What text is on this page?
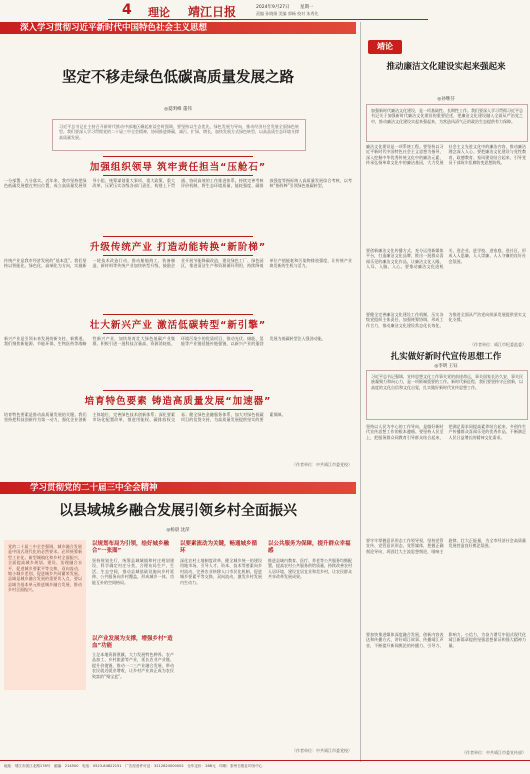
4 理论 靖江日报	2024年9月27日 星期一
责编 孙晓娟 美编 郭畅 校对 朱秀先
深入学习贯彻习近平新时代中国特色社会主义思想
坚定不移走绿色低碳高质量发展之路
◎夏明峰 董伟
习近平总书记在主持召开新时代推动中部地区崛起座谈会时强调，要坚持以生态优先、绿色发展为导向，推动经济社会发展全面绿色转型。我们要深入学习贯彻党的二十届三中全会精神，协同推进降碳、减污、扩绿、增长，加快发展方式绿色转型，以高品质生态环境支撑高质量发展。
加强组织领导 筑牢责任担当“压舱石”
一分部署，九分落实。近年来，我市坚持把绿色低碳发展摆在突出位置，成立高质量发展领导小组，统筹谋划重大事项、重大政策、重大改革，压紧压实各级各部门责任，构建上下贯通、协同高效的工作推进体系。持续完善考核评价机制，将生态环境质量、能耗强度、碳排放强度等指标纳入高质量发展综合考核，以考核“指挥棒”引领绿色低碳转型。
升级传统产业 打造动能转换“新阶梯”
传统产业是我市经济发展的“基本盘”。我们坚持以智能化、绿色化、高端化为方向，实施新一轮技术改造行动，推动船舶海工、装备制造、新材料等传统产业加快转型升级，鼓励企业开展节能降碳改造，建设绿色工厂、绿色园区，推进清洁生产和资源循环利用，持续降低单位产值能耗和污染物排放强度，让传统产业焕发新的生机与活力。
壮大新兴产业 激活低碳转型“新引擎”
新兴产业是引领未来发展的新支柱、新赛道。我们聚焦新能源、节能环保、生物医药等战略性新兴产业，加快培育壮大绿色低碳产业集群，积极引进一批科技含量高、资源消耗低、环境污染少的优质项目，推动光伏、储能、氢能等产业链延链补链强链，以新兴产业的蓬勃发展为低碳转型注入强劲动能。
培育特色要素 铸造高质量发展“加速器”
培育特色要素是推动高质量发展的关键。我们坚持把科技创新作为第一动力，强化企业创新主体地位，完善绿色技术创新体系；深化要素市场化配置改革，推进用能权、碳排放权交易；健全绿色金融服务体系，加大对绿色低碳项目的信贷支持，为高质量发展提供坚实的要素保障。
（作者单位：中共靖江市委党校）
学习贯彻党的二十届三中全会精神
以县域城乡融合发展引领乡村全面振兴
◎杨晨 沈萍
党的二十届三中全会强调，城乡融合发展是中国式现代化的必然要求。必须统筹新型工业化、新型城镇化和乡村全面振兴，全面提高城乡规划、建设、治理融合水平，促进城乡要素平等交换、双向流动，缩小城乡差别，促进城乡共同繁荣发展。县域是城乡融合发展的重要切入点，要以县域为基本单元推进城乡融合发展，推动乡村全面振兴。
以规划布局为引领，绘好城乡融合“一张图”
坚持规划先行，统筹县域城镇和村庄规划建设，科学确定村庄分类，合理布局生产、生活、生态空间，推动县域基础设施向乡村延伸、公共服务向乡村覆盖，形成城乡一体、功能互补的空间格局。
以产业发展为支撑，增强乡村“造血”功能
立足本地资源禀赋，大力发展特色种养、农产品加工、乡村旅游等产业，延长农业产业链、提升价值链，推动一二三产业融合发展，带动农民就近就业增收，让乡村产业真正成为农民致富的“聚宝盆”。
以要素流动为关键，畅通城乡循环
深化农村土地制度改革，健全城乡统一的建设用地市场，引导人才、资本、技术等要素向乡村流动，完善农业转移人口市民化机制，促进城乡要素平等交换、双向流动，激发乡村发展内生动力。
以公共服务为保障，提升群众幸福感
推进县域内教育、医疗、养老等公共服务均衡配置，提高农村公共服务供给质量，持续改善农村人居环境，建设宜居宜业和美乡村，让农民群众共享改革发展成果。
（作者单位：中共靖江市委党校）
靖论
推动廉洁文化建设实起来强起来
◎孙继芬
加强新时代廉洁文化建设，是一项基础性、长期性工作。我们要深入学习贯彻习近平总书记关于加强新时代廉洁文化建设的重要论述，把廉洁文化建设融入全面从严治党之中，推动廉洁文化建设实起来强起来，为营造风清气正的政治生态提供有力保障。
廉洁文化建设是一项系统工程。要坚持以习近平新时代中国特色社会主义思想为指导，深入挖掘中华优秀传统文化中的廉洁元素，传承弘扬革命文化中的廉洁基因，大力发展社会主义先进文化中的廉洁内容，推动廉洁理念深入人心。要把廉洁文化建设与党性教育、政德教育、家风建设结合起来，引导党员干部筑牢拒腐防变思想防线。
要创新廉洁文化传播方式，充分运用新媒体平台，打造廉洁文化品牌，推出一批群众喜闻乐见的廉洁文化作品，让廉洁文化入眼、入耳、入脑、入心。要推动廉洁文化进机关、进企业、进学校、进家庭、进社区，形成人人思廉、人人崇廉、人人守廉的良好社会氛围。
要健全完善廉洁文化建设工作机制，压实各级党组织主体责任，加强统筹协调，形成工作合力，推动廉洁文化建设常态化长效化，为推进全面从严治党向纵深发展提供坚实文化支撑。
（作者单位：靖江市纪委监委）
扎实做好新时代宣传思想工作
◎李明 王钰
习近平总书记强调，宣传思想文化工作事关党的前途命运，事关国家长治久安，事关民族凝聚力和向心力，是一项极端重要的工作。新时代新征程，我们要坚持守正创新，以高度的文化自信和文化自觉，扎实做好新时代宣传思想工作。
坚持以人民为中心的工作导向，是做好新时代宣传思想工作的根本遵循。要坚持人民至上，把服务群众同教育引导群众结合起来，把满足需求同提高素养结合起来，多创作生产传播群众喜闻乐见的优秀作品，不断满足人民日益增长的精神文化需求。
要牢牢掌握意识形态工作领导权，坚持党管宣传、党管意识形态、党管媒体，把握正确舆论导向，巩固壮大主流思想舆论，唱响主旋律、壮大正能量，为全市经济社会高质量发展营造良好舆论氛围。
要加快推进媒体深度融合发展，创新内容表达和传播方式，讲好靖江故事、传播靖江声音，不断提升新闻舆论的传播力、引导力、影响力、公信力，为奋力谱写中国式现代化靖江新篇章提供坚强思想保证和强大精神力量。
（作者单位：中共靖江市委宣传部）
地址：靖江市滨江北路178号　邮编：214500　电话：0523-84822151　广告经营许可证：3212824000002　全年定价：288元　印刷：泰州日报社印务中心
